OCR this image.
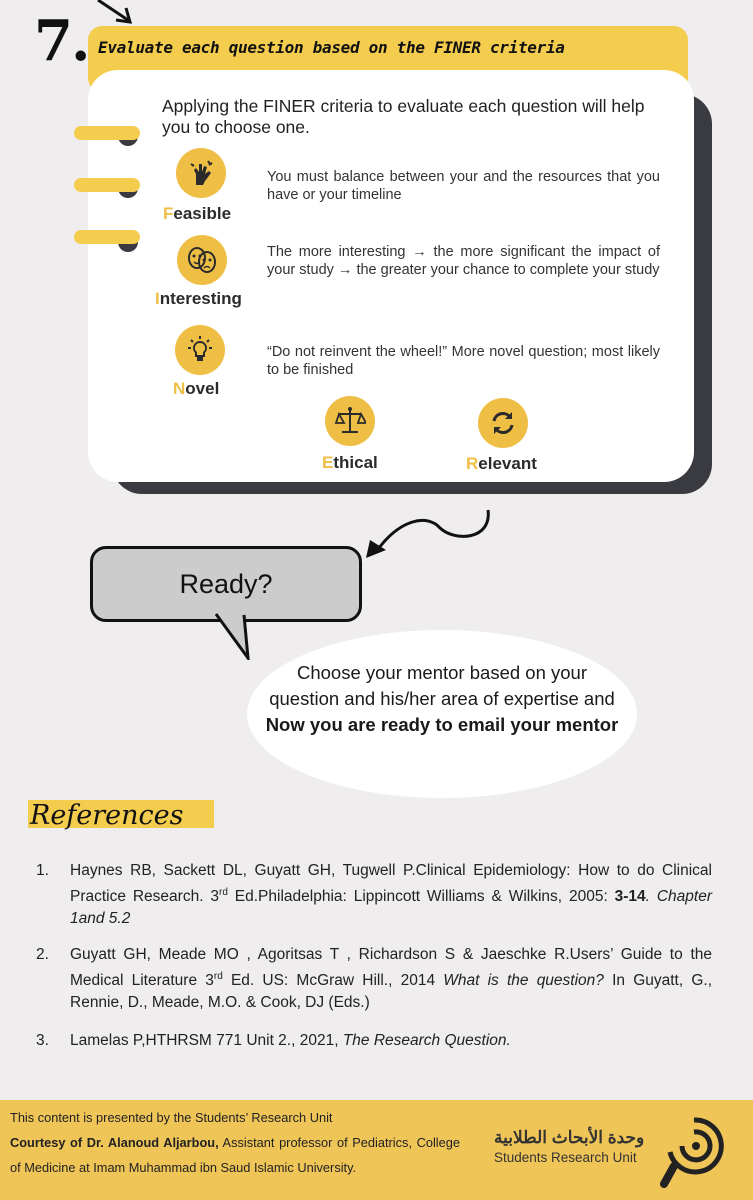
7. Evaluate each question based on the FINER criteria
Applying the FINER criteria to evaluate each question will help you to choose one.
Feasible
You must balance between your and the resources that you have or your timeline
Interesting
The more interesting → the more significant the impact of your study → the greater your chance to complete your study
Novel
“Do not reinvent the wheel!” More novel question; most likely to be finished
Ethical	Relevant
Ready?
Choose your mentor based on your question and his/her area of expertise and Now you are ready to email your mentor
References
1. Haynes RB, Sackett DL, Guyatt GH, Tugwell P.Clinical Epidemiology: How to do Clinical Practice Research. 3rd Ed.Philadelphia: Lippincott Williams & Wilkins, 2005: 3-14. Chapter 1and 5.2
2. Guyatt GH, Meade MO , Agoritsas T , Richardson S & Jaeschke R.Users’ Guide to the Medical Literature 3rd Ed. US: McGraw Hill., 2014 What is the question? In Guyatt, G., Rennie, D., Meade, M.O. & Cook, DJ (Eds.)
3. Lamelas P,HTHRSM 771 Unit 2., 2021, The Research Question.
This content is presented by the Students’ Research Unit
Courtesy of Dr. Alanoud Aljarbou, Assistant professor of Pediatrics, College of Medicine at Imam Muhammad ibn Saud Islamic University.
وحدة الأبحاث الطلابية
Students Research Unit
